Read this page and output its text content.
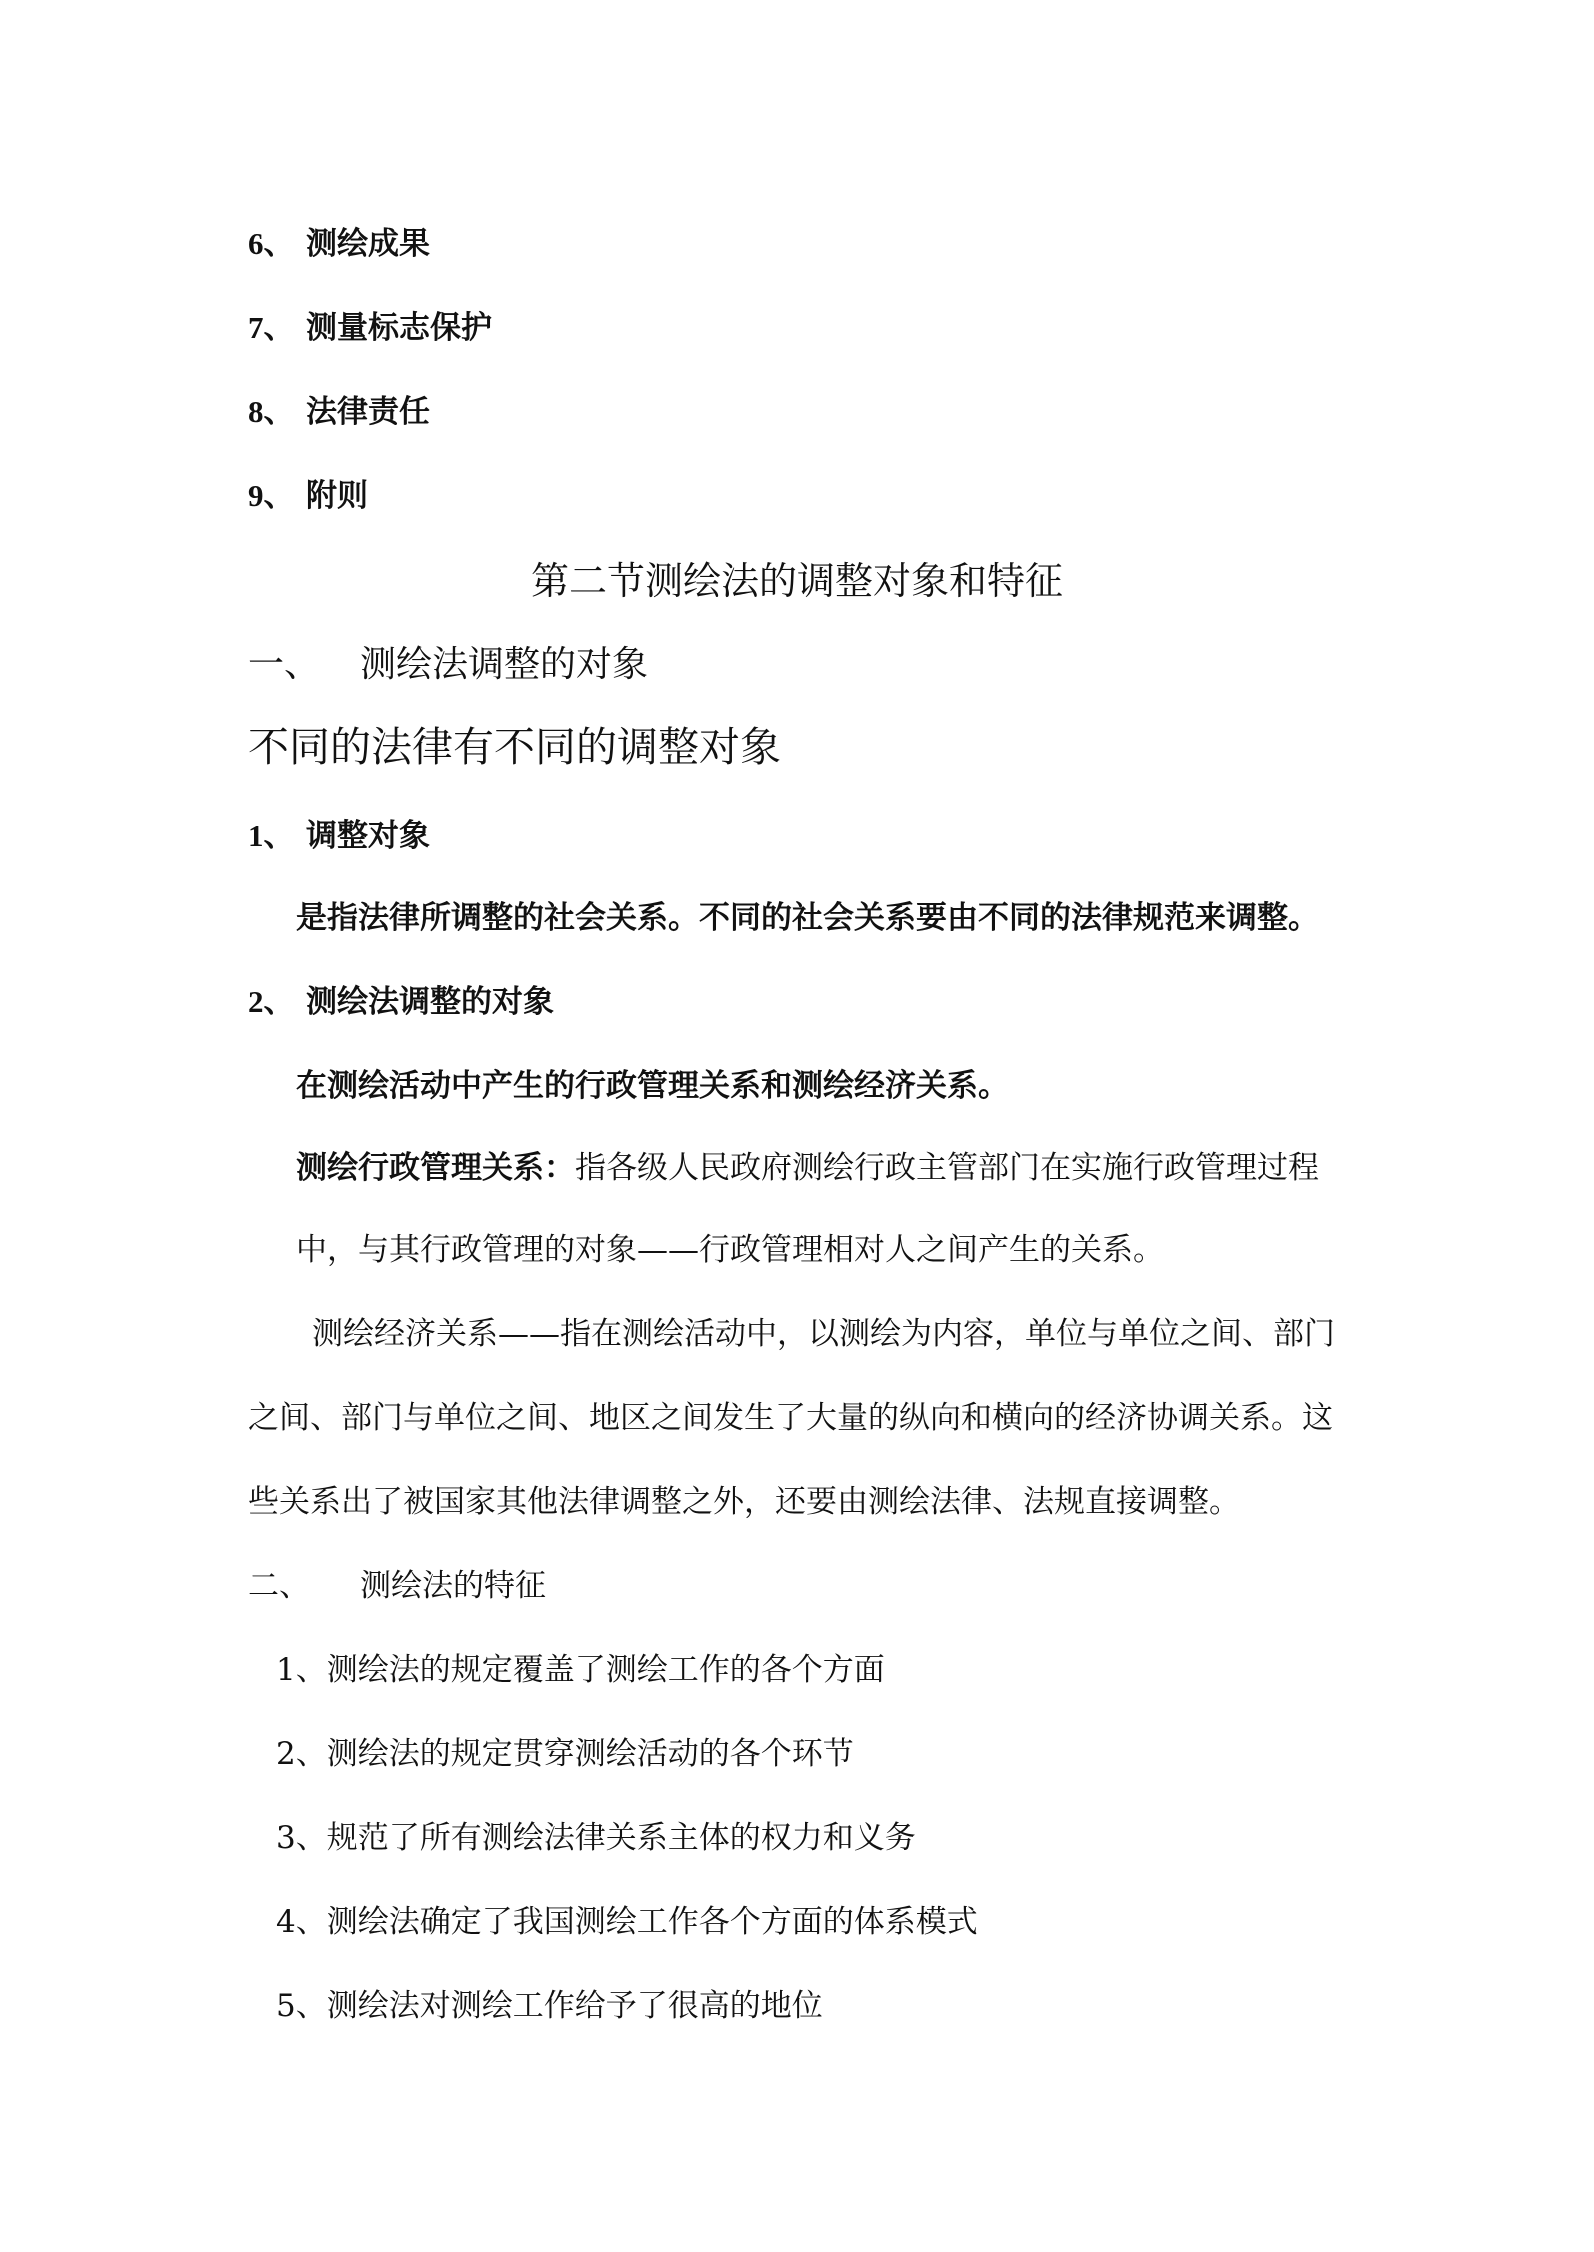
6、 测绘成果
7、 测量标志保护
8、 法律责任
9、 附则
第二节测绘法的调整对象和特征
一、 测绘法调整的对象
不同的法律有不同的调整对象
1、 调整对象
是指法律所调整的社会关系。不同的社会关系要由不同的法律规范来调整。
2、 测绘法调整的对象
在测绘活动中产生的行政管理关系和测绘经济关系。
测绘行政管理关系：指各级人民政府测绘行政主管部门在实施行政管理过程
中，与其行政管理的对象——行政管理相对人之间产生的关系。
测绘经济关系——指在测绘活动中，以测绘为内容，单位与单位之间、部门
之间、部门与单位之间、地区之间发生了大量的纵向和横向的经济协调关系。这
些关系出了被国家其他法律调整之外，还要由测绘法律、法规直接调整。
二、 测绘法的特征
1、测绘法的规定覆盖了测绘工作的各个方面
2、测绘法的规定贯穿测绘活动的各个环节
3、规范了所有测绘法律关系主体的权力和义务
4、测绘法确定了我国测绘工作各个方面的体系模式
5、测绘法对测绘工作给予了很高的地位
